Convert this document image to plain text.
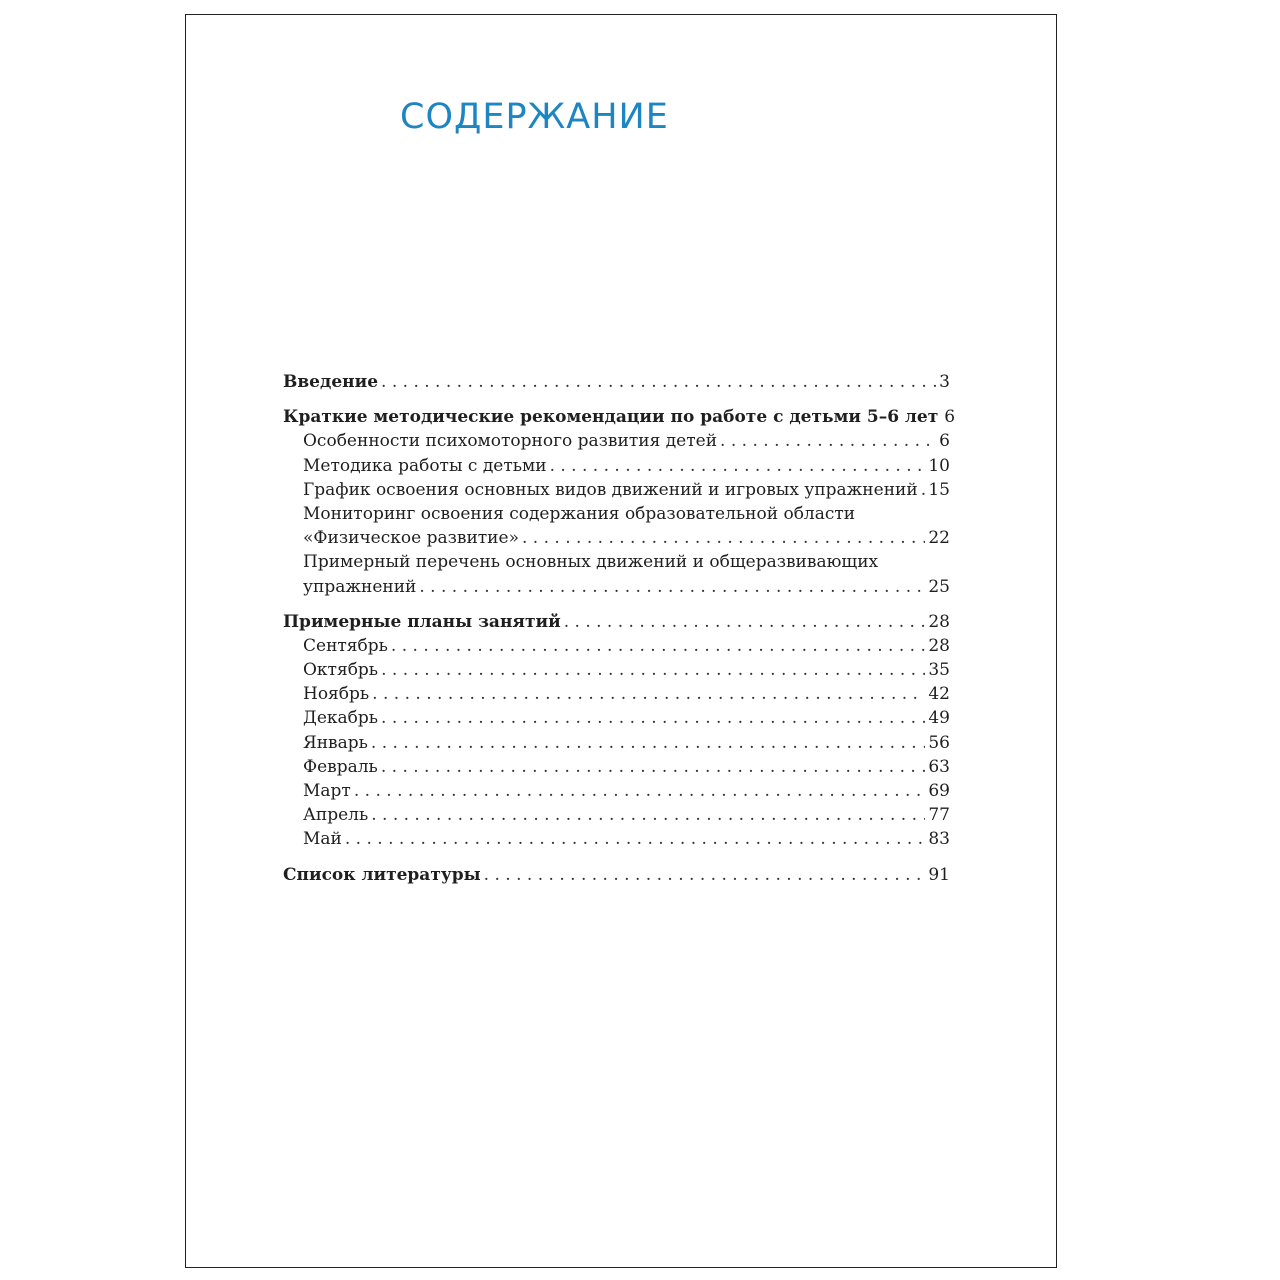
СОДЕРЖАНИЕ
Введение . . .	3
Краткие методические рекомендации по работе с детьми 5–6 лет 6
Особенности психомоторного развития детей . . .	6
Методика работы с детьми . . .	10
График освоения основных видов движений и игровых упражнений . . . 15
Мониторинг освоения содержания образовательной области
«Физическое развитие» . . .	22
Примерный перечень основных движений и общеразвивающих
упражнений . . .	25
Примерные планы занятий . . .	28
Сентябрь . . .	28
Октябрь . . .	35
Ноябрь . . .	42
Декабрь . . .	49
Январь . . .	56
Февраль . . .	63
Март . . .	69
Апрель . . .	77
Май . . .	83
Список литературы . . .	91
